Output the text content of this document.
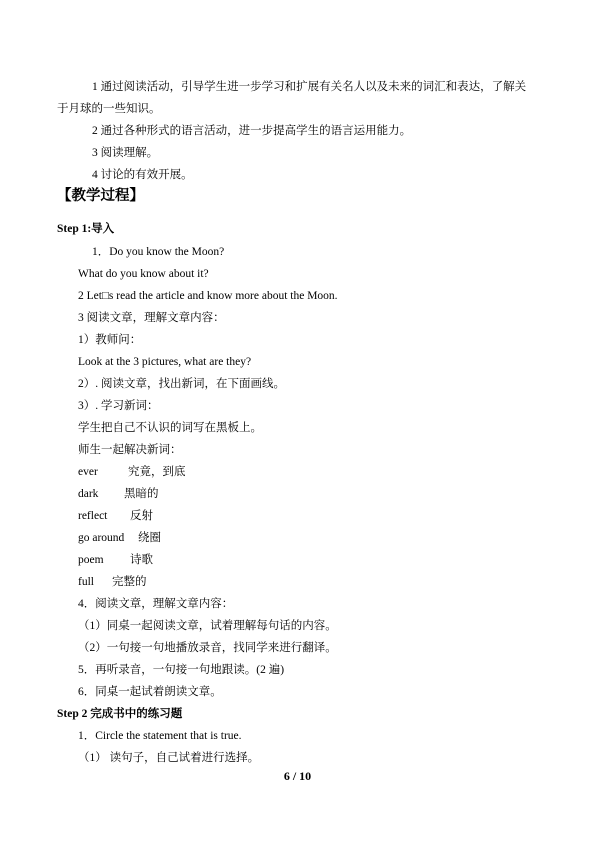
1 通过阅读活动，引导学生进一步学习和扩展有关名人以及未来的词汇和表达，了解关
于月球的一些知识。
2 通过各种形式的语言活动，进一步提高学生的语言运用能力。
3 阅读理解。
4 讨论的有效开展。
【教学过程】
Step 1:导入
1．Do you know the Moon?
What do you know about it?
2 Let□s read the article and know more about the Moon.
3 阅读文章，理解文章内容：
1）教师问：
Look at the 3 pictures, what are they?
2）. 阅读文章，找出新词，在下面画线。
3）. 学习新词：
学生把自己不认识的词写在黑板上。
师生一起解决新词：
ever	究竟，到底
dark 黑暗的
reflect 反射
go around 绕圈
poem 诗歌
full 完整的
4．阅读文章，理解文章内容：
（1）同桌一起阅读文章，试着理解每句话的内容。
（2）一句接一句地播放录音，找同学来进行翻译。
5．再听录音，一句接一句地跟读。(2 遍)
6．同桌一起试着朗读文章。
Step 2 完成书中的练习题
1．Circle the statement that is true.
（1） 读句子，自己试着进行选择。
6 / 10
